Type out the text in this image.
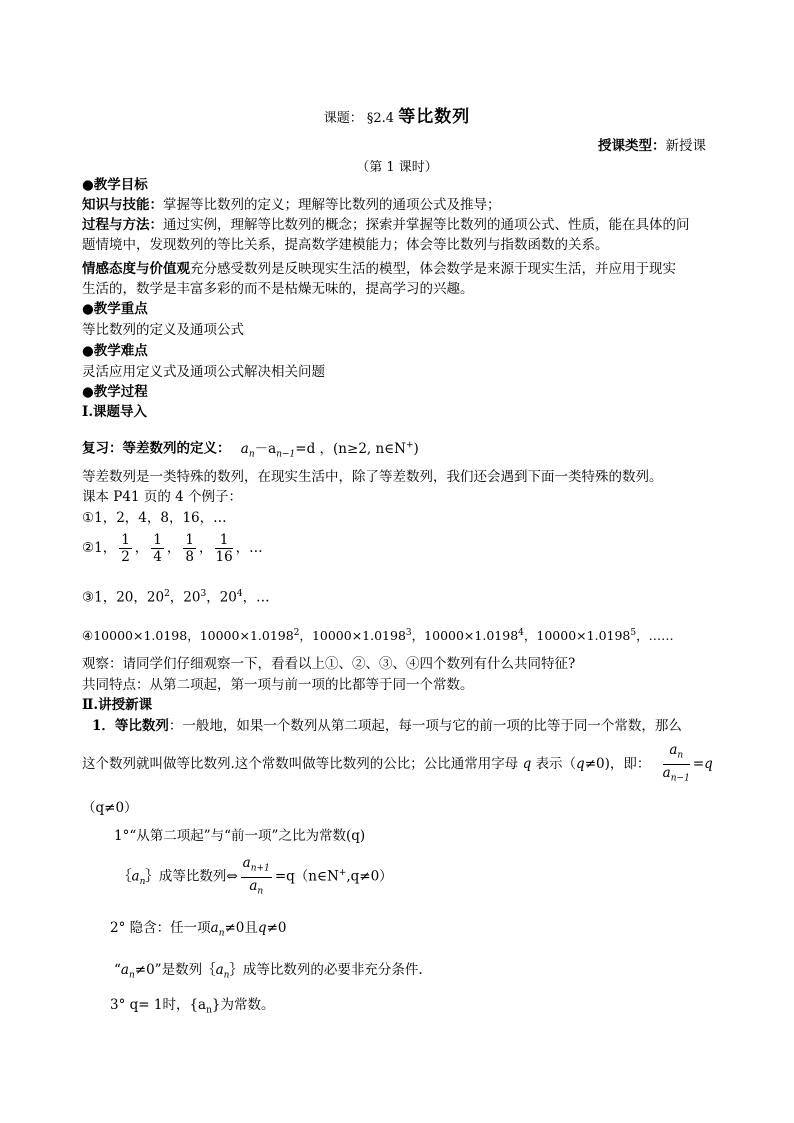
课题： §2.4 等比数列
授课类型：新授课
（第 1 课时）
●教学目标
知识与技能：掌握等比数列的定义；理解等比数列的通项公式及推导；
过程与方法：通过实例，理解等比数列的概念；探索并掌握等比数列的通项公式、性质，能在具体的问
题情境中，发现数列的等比关系，提高数学建模能力；体会等比数列与指数函数的关系。
情感态度与价值观充分感受数列是反映现实生活的模型，体会数学是来源于现实生活，并应用于现实
生活的，数学是丰富多彩的而不是枯燥无味的，提高学习的兴趣。
●教学重点
等比数列的定义及通项公式
●教学难点
灵活应用定义式及通项公式解决相关问题
●教学过程
Ⅰ.课题导入
复习：等差数列的定义： $a_n-a_{n-1}=d$ ，(n≥2, n∈N+)
等差数列是一类特殊的数列，在现实生活中，除了等差数列，我们还会遇到下面一类特殊的数列。
课本 P41 页的 4 个例子：
①1，2，4，8，16，…
②1， $\frac{1}{2}$ ， $\frac{1}{4}$ ， $\frac{1}{8}$ ， $\frac{1}{16}$ ，…
③1，20，$20^2$，$20^3$，$20^4$，…
④10000×1.0198，$10000\times 1.0198^2$，$10000\times 1.0198^3$，$10000\times 1.0198^4$，$10000\times 1.0198^5$，……
观察：请同学们仔细观察一下，看看以上①、②、③、④四个数列有什么共同特征?
共同特点：从第二项起，第一项与前一项的比都等于同一个常数。
Ⅱ.讲授新课
1．等比数列：一般地，如果一个数列从第二项起，每一项与它的前一项的比等于同一个常数，那么
这个数列就叫做等比数列.这个常数叫做等比数列的公比；公比通常用字母 q 表示（q≠0)，即： $\frac{a_n}{a_{n-1}} =q$
（q≠0）
1°“从第二项起”与“前一项”之比为常数(q)
$\{a_n\}$成等比数列⇔ $\frac{a_{n+1}}{a_n}$ =q（n∈N+,q≠0）
2° 隐含：任一项$a_n\ne 0$且q≠0
“$a_n\ne 0$”是数列$\{a_n\}$成等比数列的必要非充分条件.
3° q= 1时，$\{a_n\}$为常数。
